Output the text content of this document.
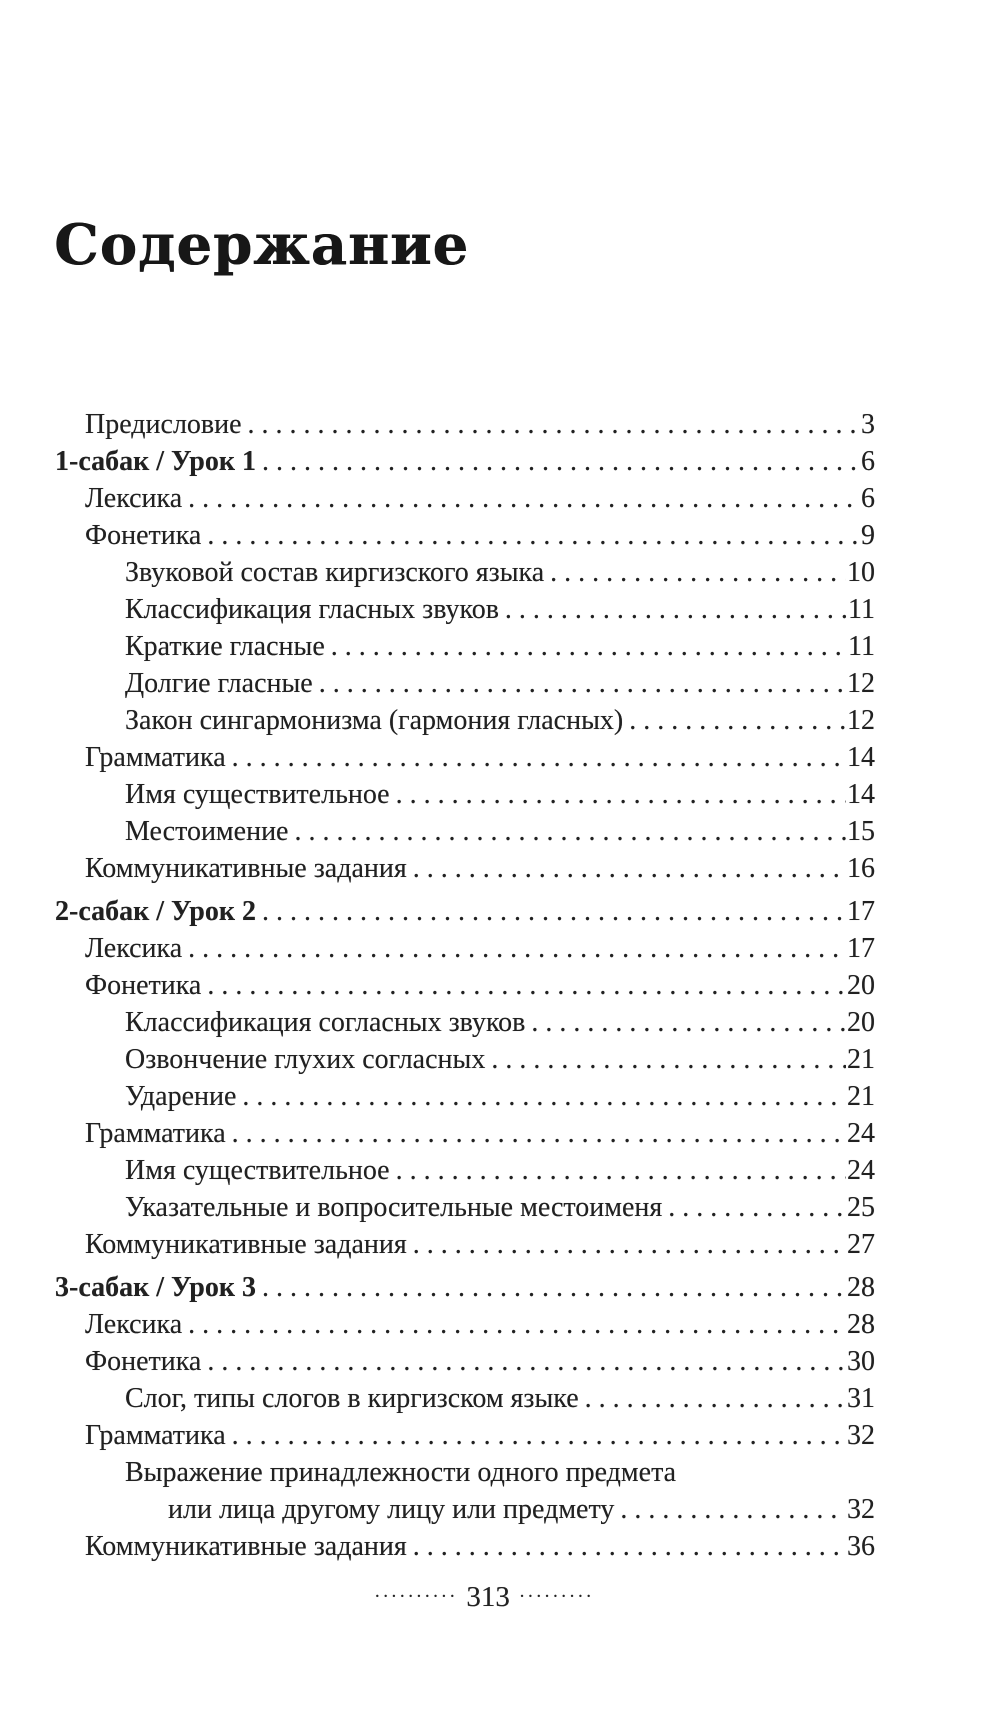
Содержание
Предисловие . . .	3
1-сабак / Урок 1 . . .	6
Лексика . . .	6
Фонетика . . .	9
Звуковой состав киргизского языка . . .	10
Классификация гласных звуков . . .	11
Краткие гласные . . .	11
Долгие гласные . . .	12
Закон сингармонизма (гармония гласных) . . .	12
Грамматика . . .	14
Имя существительное . . .	14
Местоимение . . .	15
Коммуникативные задания . . .	16
2-сабак / Урок 2 . . .	17
Лексика . . .	17
Фонетика . . .	20
Классификация согласных звуков . . .	20
Озвончение глухих согласных . . .	21
Ударение . . .	21
Грамматика . . .	24
Имя существительное . . .	24
Указательные и вопросительные местоименя . . .	25
Коммуникативные задания . . .	27
3-сабак / Урок 3 . . .	28
Лексика . . .	28
Фонетика . . .	30
Слог, типы слогов в киргизском языке . . .	31
Грамматика . . .	32
Выражение принадлежности одного предмета
или лица другому лицу или предмету . . .	32
Коммуникативные задания . . .	36
·········· 313 ·········
